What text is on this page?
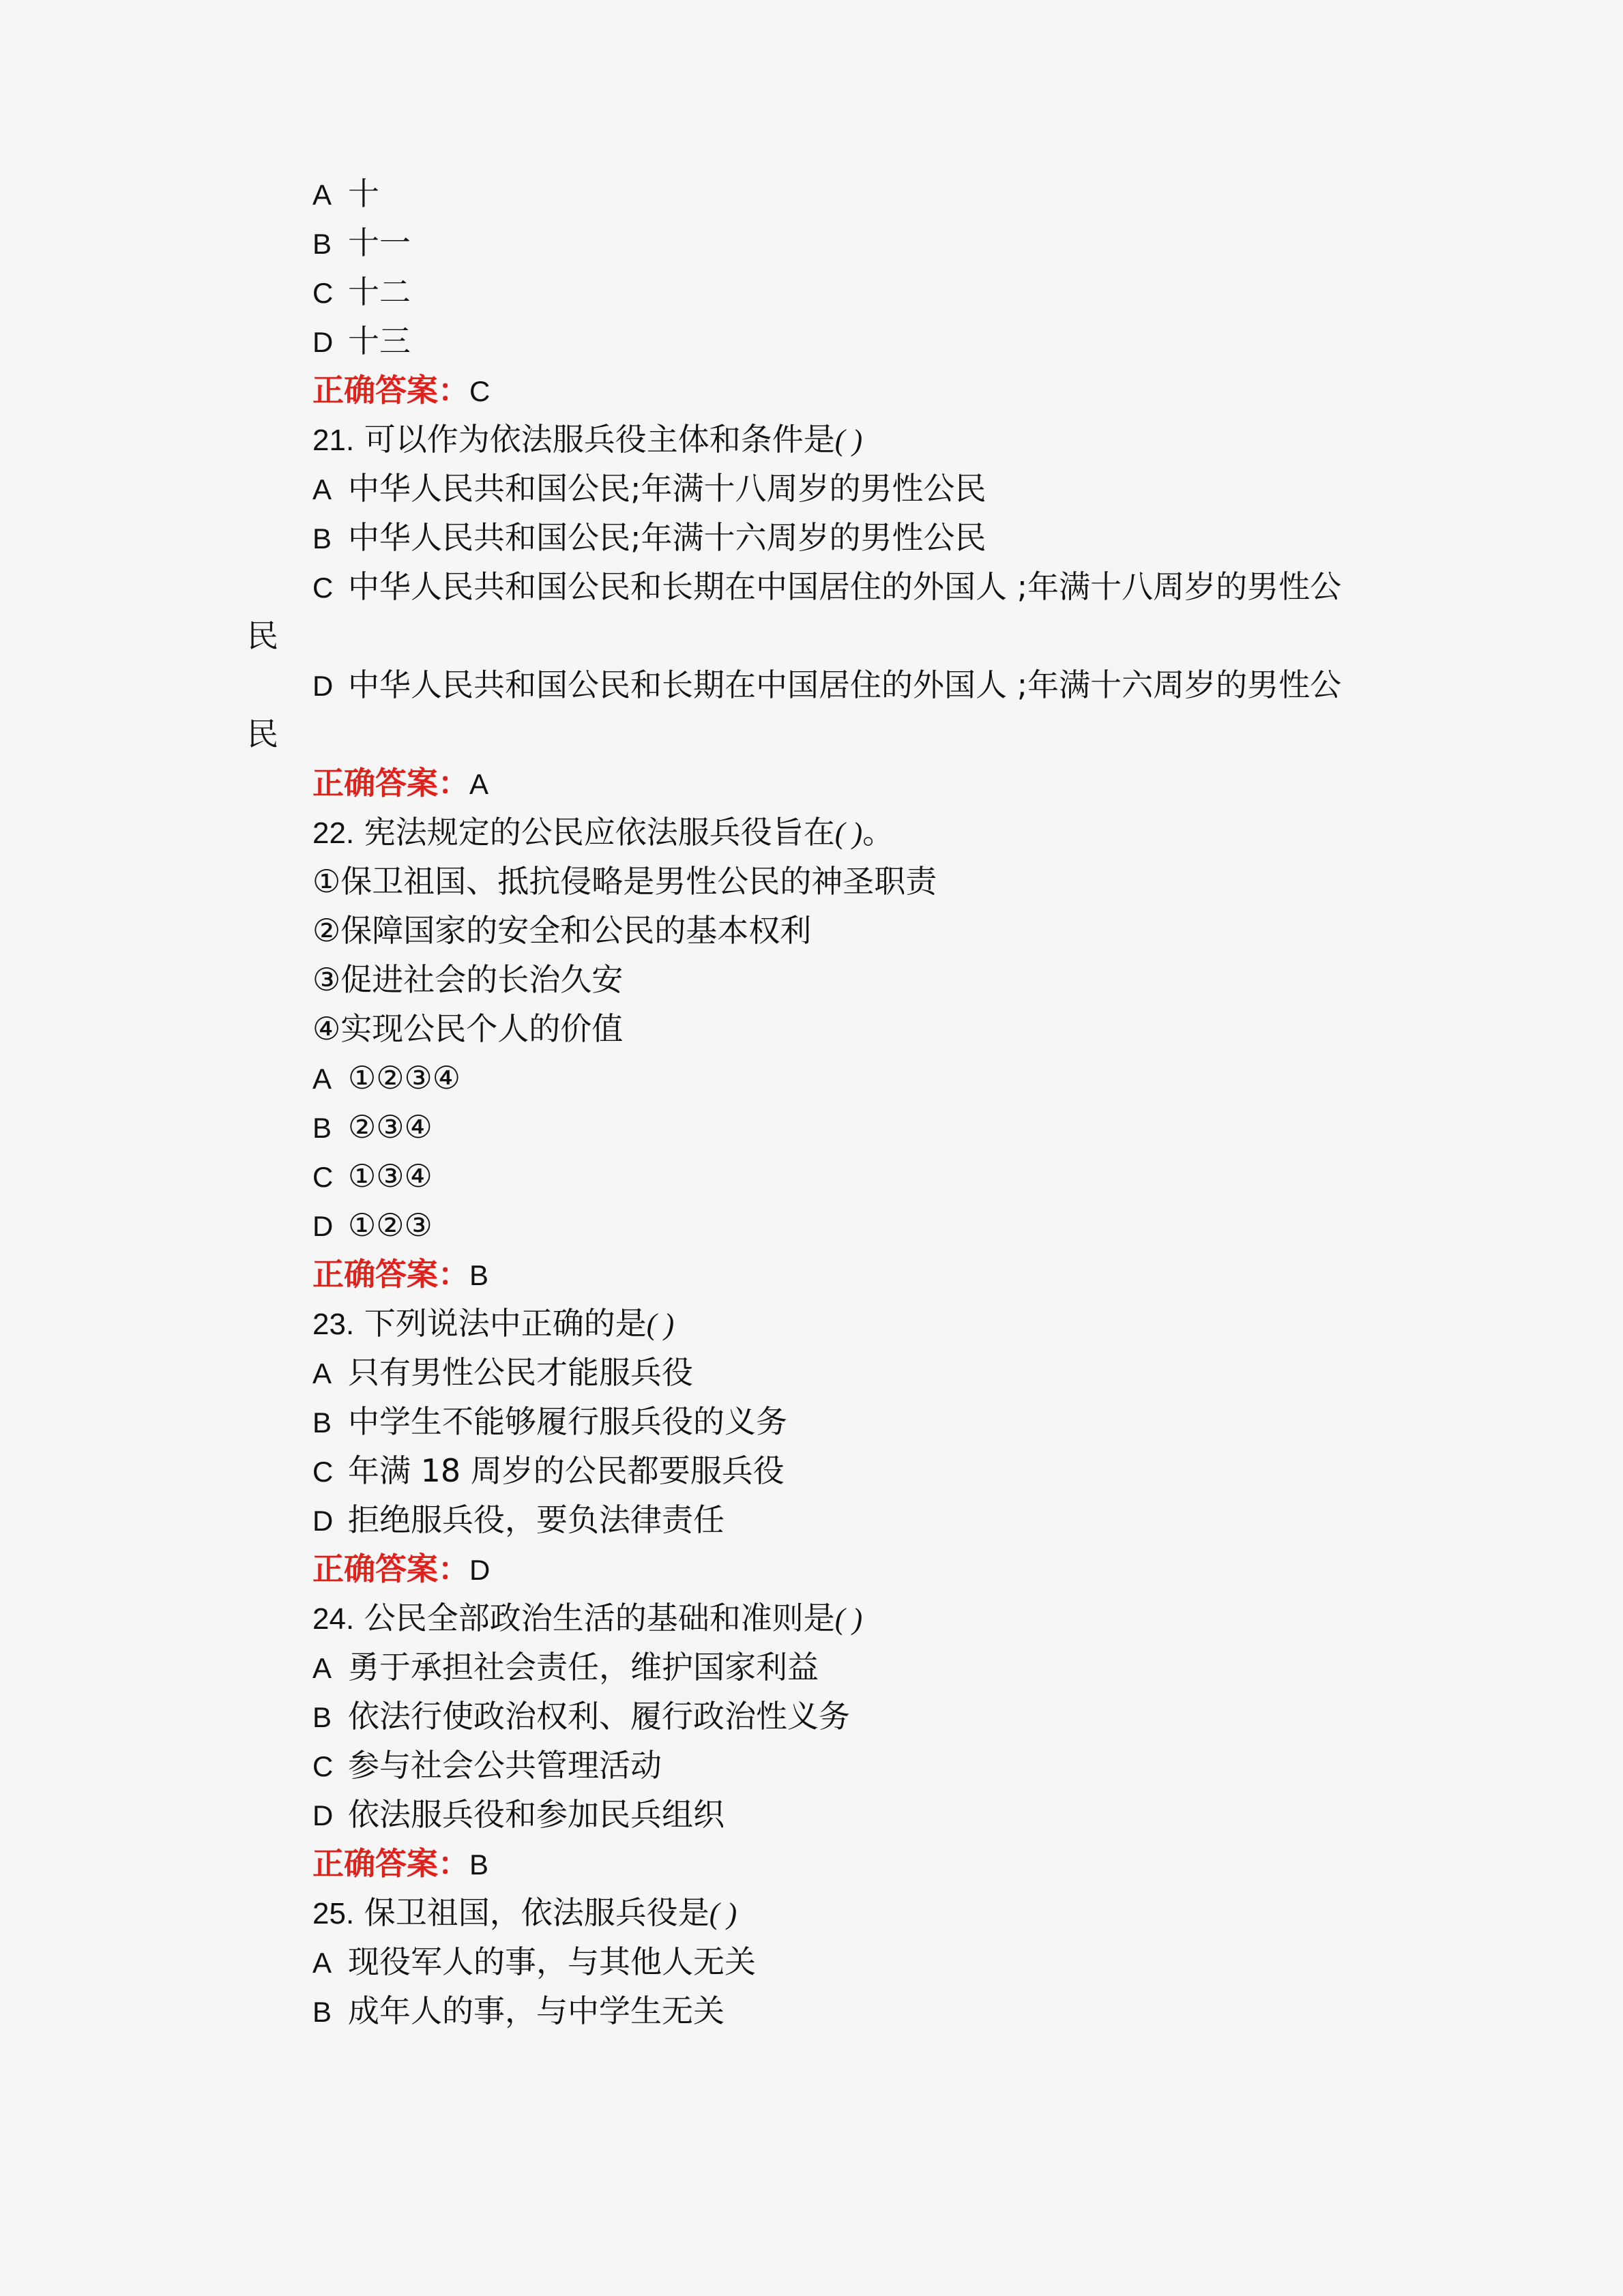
A 十
B 十一
C 十二
D 十三
正确答案：C
21. 可以作为依法服兵役主体和条件是( )
A 中华人民共和国公民;年满十八周岁的男性公民
B 中华人民共和国公民;年满十六周岁的男性公民
C 中华人民共和国公民和长期在中国居住的外国人 ;年满十八周岁的男性公
民
D 中华人民共和国公民和长期在中国居住的外国人 ;年满十六周岁的男性公
民
正确答案：A
22. 宪法规定的公民应依法服兵役旨在( )。
①保卫祖国、抵抗侵略是男性公民的神圣职责
②保障国家的安全和公民的基本权利
③促进社会的长治久安
④实现公民个人的价值
A ①②③④
B ②③④
C ①③④
D ①②③
正确答案：B
23. 下列说法中正确的是( )
A 只有男性公民才能服兵役
B 中学生不能够履行服兵役的义务
C 年满 18 周岁的公民都要服兵役
D 拒绝服兵役，要负法律责任
正确答案：D
24. 公民全部政治生活的基础和准则是( )
A 勇于承担社会责任，维护国家利益
B 依法行使政治权利、履行政治性义务
C 参与社会公共管理活动
D 依法服兵役和参加民兵组织
正确答案：B
25. 保卫祖国，依法服兵役是( )
A 现役军人的事，与其他人无关
B 成年人的事，与中学生无关
